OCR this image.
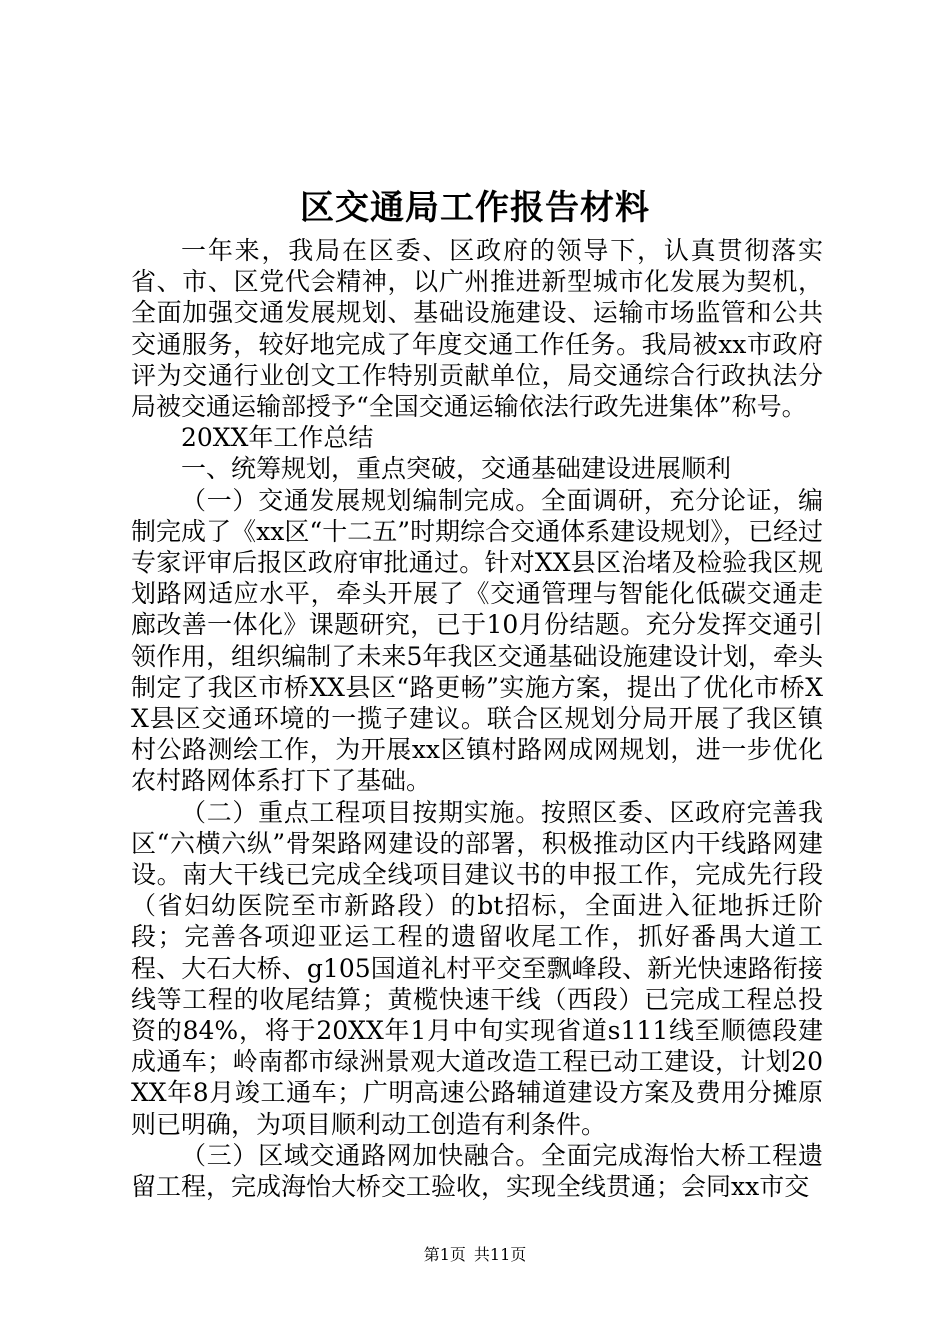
区交通局工作报告材料

一年来，我局在区委、区政府的领导下，认真贯彻落实省、市、区党代会精神，以广州推进新型城市化发展为契机，全面加强交通发展规划、基础设施建设、运输市场监管和公共交通服务，较好地完成了年度交通工作任务。我局被xx市政府评为交通行业创文工作特别贡献单位，局交通综合行政执法分局被交通运输部授予“全国交通运输依法行政先进集体”称号。

20XX年工作总结

一、统筹规划，重点突破，交通基础建设进展顺利

（一）交通发展规划编制完成。全面调研，充分论证，编制完成了《xx区“十二五”时期综合交通体系建设规划》，已经过专家评审后报区政府审批通过。针对XX县区治堵及检验我区规划路网适应水平，牵头开展了《交通管理与智能化低碳交通走廊改善一体化》课题研究，已于10月份结题。充分发挥交通引领作用，组织编制了未来5年我区交通基础设施建设计划，牵头制定了我区市桥XX县区“路更畅”实施方案，提出了优化市桥XX县区交通环境的一揽子建议。联合区规划分局开展了我区镇村公路测绘工作，为开展xx区镇村路网成网规划，进一步优化农村路网体系打下了基础。

（二）重点工程项目按期实施。按照区委、区政府完善我区“六横六纵”骨架路网建设的部署，积极推动区内干线路网建设。南大干线已完成全线项目建议书的申报工作，完成先行段（省妇幼医院至市新路段）的bt招标，全面进入征地拆迁阶段；完善各项迎亚运工程的遗留收尾工作，抓好番禺大道工程、大石大桥、g105国道礼村平交至飘峰段、新光快速路衔接线等工程的收尾结算；黄榄快速干线（西段）已完成工程总投资的84%，将于20XX年1月中旬实现省道s111线至顺德段建成通车；岭南都市绿洲景观大道改造工程已动工建设，计划20XX年8月竣工通车；广明高速公路辅道建设方案及费用分摊原则已明确，为项目顺利动工创造有利条件。

（三）区域交通路网加快融合。全面完成海怡大桥工程遗留工程，完成海怡大桥交工验收，实现全线贯通；会同xx市交

第1页 共11页
